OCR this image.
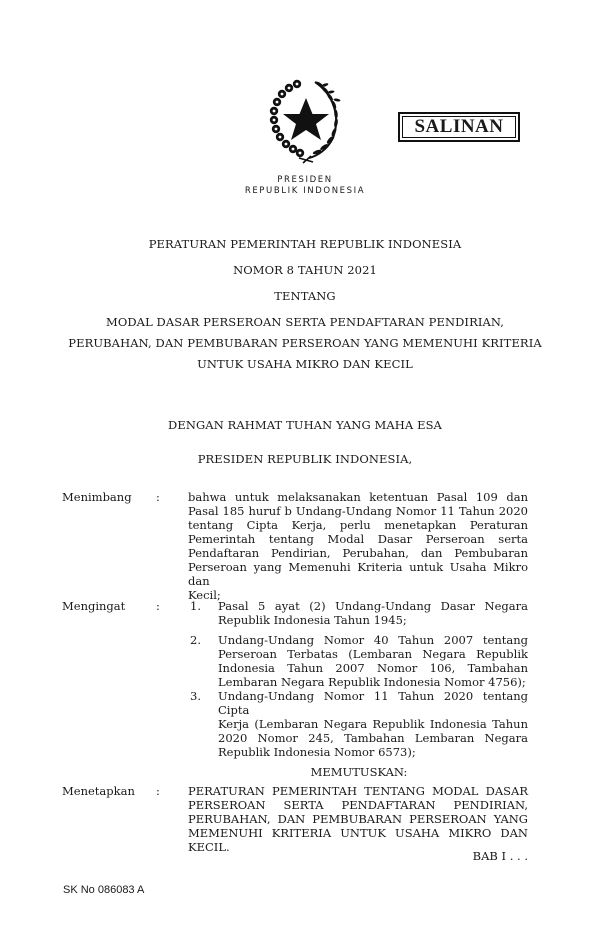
SALINAN
PRESIDEN
REPUBLIK INDONESIA
PERATURAN PEMERINTAH REPUBLIK INDONESIA
NOMOR 8 TAHUN 2021
TENTANG
MODAL DASAR PERSEROAN SERTA PENDAFTARAN PENDIRIAN,
PERUBAHAN, DAN PEMBUBARAN PERSEROAN YANG MEMENUHI KRITERIA
UNTUK USAHA MIKRO DAN KECIL
DENGAN RAHMAT TUHAN YANG MAHA ESA
PRESIDEN REPUBLIK INDONESIA,
Menimbang : bahwa untuk melaksanakan ketentuan Pasal 109 dan
Pasal 185 huruf b Undang-Undang Nomor 11 Tahun 2020
tentang Cipta Kerja, perlu menetapkan Peraturan
Pemerintah tentang Modal Dasar Perseroan serta
Pendaftaran Pendirian, Perubahan, dan Pembubaran
Perseroan yang Memenuhi Kriteria untuk Usaha Mikro dan
Kecil;
Mengingat	:	1. Pasal 5 ayat (2) Undang-Undang Dasar Negara
Republik Indonesia Tahun 1945;
2. Undang-Undang Nomor 40 Tahun 2007 tentang
Perseroan Terbatas (Lembaran Negara Republik
Indonesia Tahun 2007 Nomor 106, Tambahan
Lembaran Negara Republik Indonesia Nomor 4756);
3. Undang-Undang Nomor 11 Tahun 2020 tentang Cipta
Kerja (Lembaran Negara Republik Indonesia Tahun
2020 Nomor 245, Tambahan Lembaran Negara
Republik Indonesia Nomor 6573);
MEMUTUSKAN:
Menetapkan : PERATURAN PEMERINTAH TENTANG MODAL DASAR
PERSEROAN SERTA PENDAFTARAN PENDIRIAN,
PERUBAHAN, DAN PEMBUBARAN PERSEROAN YANG
MEMENUHI KRITERIA UNTUK USAHA MIKRO DAN KECIL.
BAB I . . .
SK No 086083 A
